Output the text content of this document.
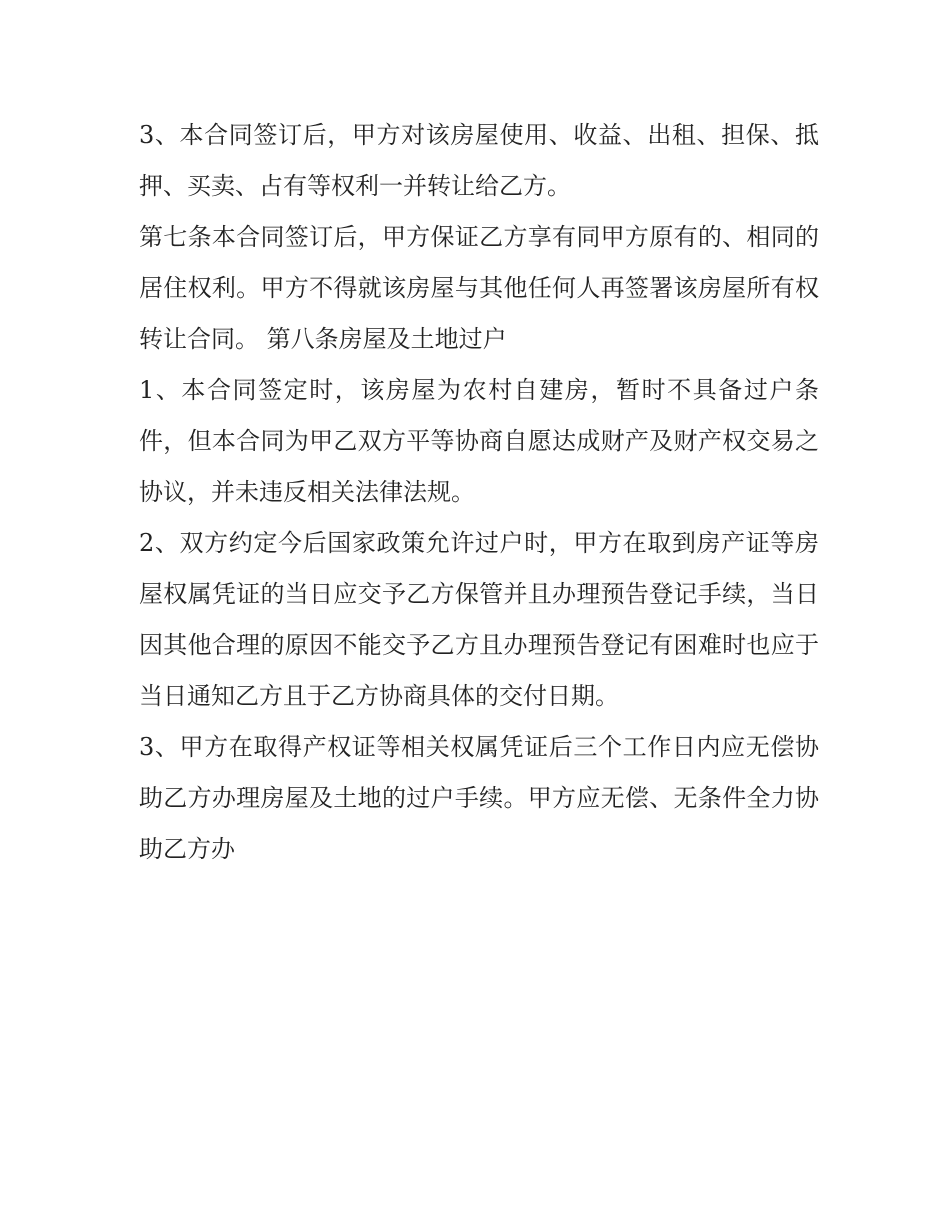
3、本合同签订后，甲方对该房屋使用、收益、出租、担保、抵押、买卖、占有等权利一并转让给乙方。

第七条本合同签订后，甲方保证乙方享有同甲方原有的、相同的居住权利。甲方不得就该房屋与其他任何人再签署该房屋所有权转让合同。 第八条房屋及土地过户

1、本合同签定时，该房屋为农村自建房，暂时不具备过户条件，但本合同为甲乙双方平等协商自愿达成财产及财产权交易之协议，并未违反相关法律法规。

2、双方约定今后国家政策允许过户时，甲方在取到房产证等房屋权属凭证的当日应交予乙方保管并且办理预告登记手续，当日因其他合理的原因不能交予乙方且办理预告登记有困难时也应于当日通知乙方且于乙方协商具体的交付日期。

3、甲方在取得产权证等相关权属凭证后三个工作日内应无偿协助乙方办理房屋及土地的过户手续。甲方应无偿、无条件全力协助乙方办
